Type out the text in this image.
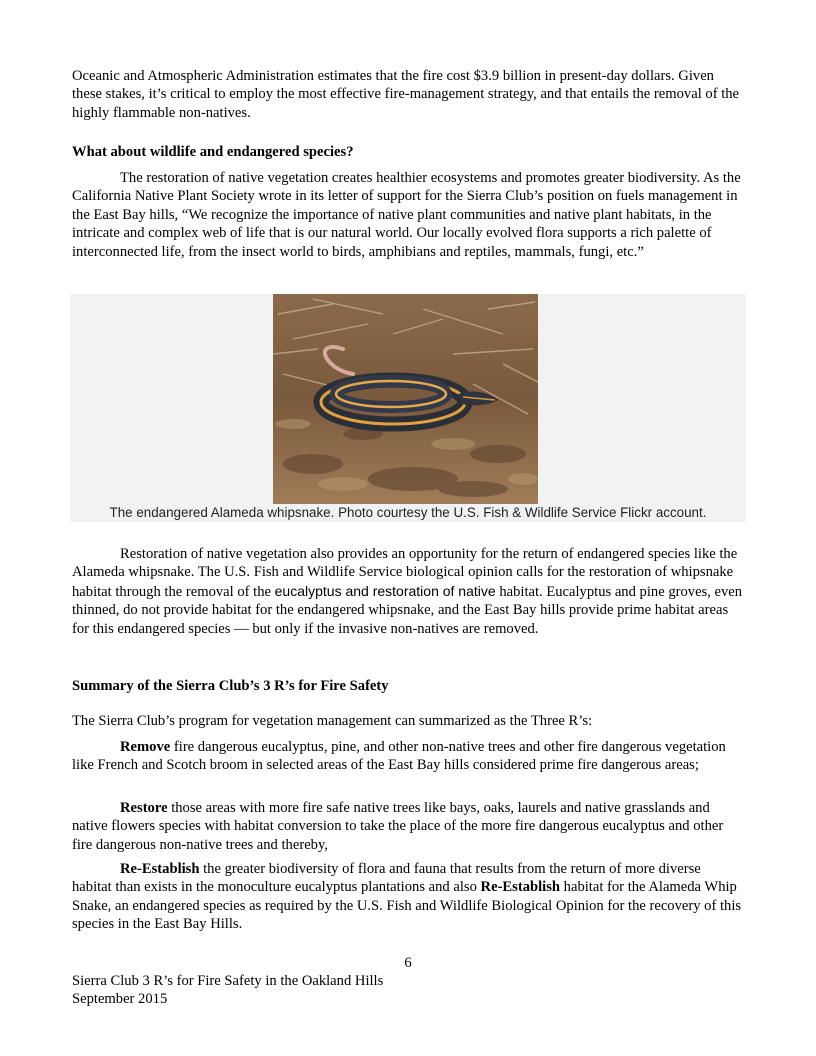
Oceanic and Atmospheric Administration estimates that the fire cost $3.9 billion in present-day dollars. Given these stakes, it’s critical to employ the most effective fire-management strategy, and that entails the removal of the highly flammable non-natives.

What about wildlife and endangered species?

The restoration of native vegetation creates healthier ecosystems and promotes greater biodiversity. As the California Native Plant Society wrote in its letter of support for the Sierra Club’s position on fuels management in the East Bay hills, “We recognize the importance of native plant communities and native plant habitats, in the intricate and complex web of life that is our natural world. Our locally evolved flora supports a rich palette of interconnected life, from the insect world to birds, amphibians and reptiles, mammals, fungi, etc.”

The endangered Alameda whipsnake. Photo courtesy the U.S. Fish & Wildlife Service Flickr account.

Restoration of native vegetation also provides an opportunity for the return of endangered species like the Alameda whipsnake. The U.S. Fish and Wildlife Service biological opinion calls for the restoration of whipsnake habitat through the removal of the eucalyptus and restoration of native habitat. Eucalyptus and pine groves, even thinned, do not provide habitat for the endangered whipsnake, and the East Bay hills provide prime habitat areas for this endangered species — but only if the invasive non-natives are removed.

Summary of the Sierra Club’s 3 R’s for Fire Safety

The Sierra Club’s program for vegetation management can summarized as the Three R’s:

Remove fire dangerous eucalyptus, pine, and other non-native trees and other fire dangerous vegetation like French and Scotch broom in selected areas of the East Bay hills considered prime fire dangerous areas;

Restore those areas with more fire safe native trees like bays, oaks, laurels and native grasslands and native flowers species with habitat conversion to take the place of the more fire dangerous eucalyptus and other fire dangerous non-native trees and thereby,

Re-Establish the greater biodiversity of flora and fauna that results from the return of more diverse habitat than exists in the monoculture eucalyptus plantations and also Re-Establish habitat for the Alameda Whip Snake, an endangered species as required by the U.S. Fish and Wildlife Biological Opinion for the recovery of this species in the East Bay Hills.

6

Sierra Club 3 R’s for Fire Safety in the Oakland Hills

September 2015
